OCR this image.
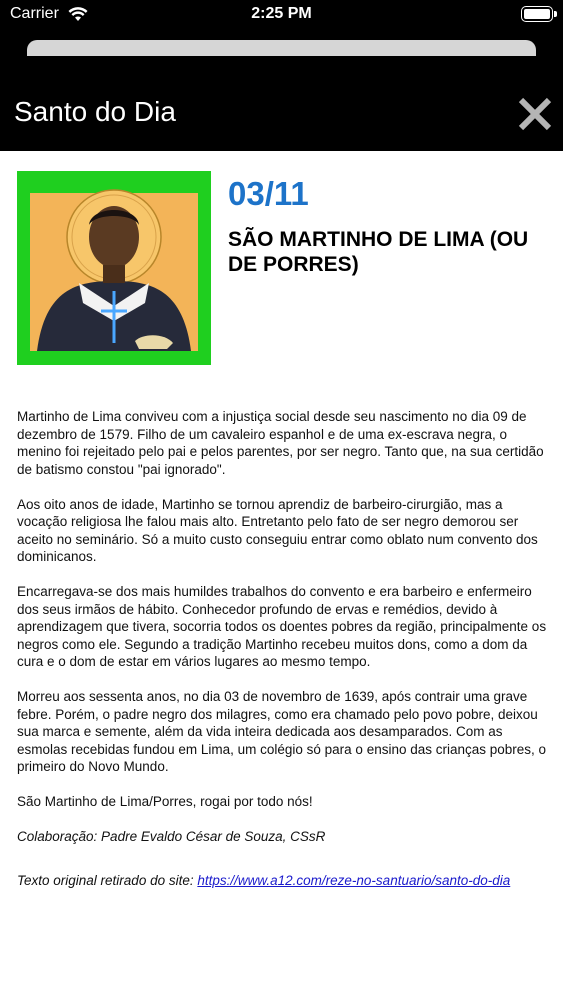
Carrier	2:25 PM
Santo do Dia
03/11
SÃO MARTINHO DE LIMA (OU DE PORRES)

Martinho de Lima conviveu com a injustiça social desde seu nascimento no dia 09 de dezembro de 1579. Filho de um cavaleiro espanhol e de uma ex-escrava negra, o menino foi rejeitado pelo pai e pelos parentes, por ser negro. Tanto que, na sua certidão de batismo constou "pai ignorado".

Aos oito anos de idade, Martinho se tornou aprendiz de barbeiro-cirurgião, mas a vocação religiosa lhe falou mais alto. Entretanto pelo fato de ser negro demorou ser aceito no seminário. Só a muito custo conseguiu entrar como oblato num convento dos dominicanos.

Encarregava-se dos mais humildes trabalhos do convento e era barbeiro e enfermeiro dos seus irmãos de hábito. Conhecedor profundo de ervas e remédios, devido à aprendizagem que tivera, socorria todos os doentes pobres da região, principalmente os negros como ele. Segundo a tradição Martinho recebeu muitos dons, como a dom da cura e o dom de estar em vários lugares ao mesmo tempo.

Morreu aos sessenta anos, no dia 03 de novembro de 1639, após contrair uma grave febre. Porém, o padre negro dos milagres, como era chamado pelo povo pobre, deixou sua marca e semente, além da vida inteira dedicada aos desamparados. Com as esmolas recebidas fundou em Lima, um colégio só para o ensino das crianças pobres, o primeiro do Novo Mundo.

São Martinho de Lima/Porres, rogai por todo nós!

Colaboração: Padre Evaldo César de Souza, CSsR

Texto original retirado do site: https://www.a12.com/reze-no-santuario/santo-do-dia
